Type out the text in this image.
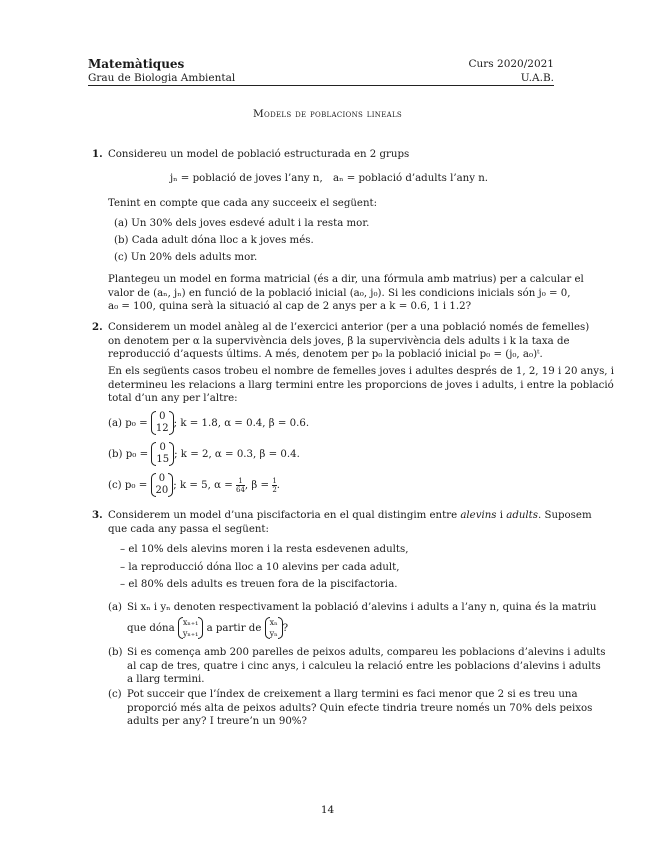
Matemàtiques
Grau de Biologia Ambiental
Curs 2020/2021
U.A.B.
Models de poblacions lineals
1. Considereu un model de població estructurada en 2 grups
jₙ = població de joves l’any n, aₙ = població d’adults l’any n.
Tenint en compte que cada any succeeix el següent:
(a) Un 30% dels joves esdevé adult i la resta mor.
(b) Cada adult dóna lloc a k joves més.
(c) Un 20% dels adults mor.
Plantegeu un model en forma matricial (és a dir, una fórmula amb matrius) per a calcular el
valor de (aₙ, jₙ) en funció de la població inicial (a₀, j₀). Si les condicions inicials són j₀ = 0,
a₀ = 100, quina serà la situació al cap de 2 anys per a k = 0.6, 1 i 1.2?
2. Considerem un model anàleg al de l’exercici anterior (per a una població només de femelles)
on denotem per α la supervivència dels joves, β la supervivència dels adults i k la taxa de
reproducció d’aquests últims. A més, denotem per p₀ la població inicial p₀ = (j₀, a₀)ᵗ.
En els següents casos trobeu el nombre de femelles joves i adultes després de 1, 2, 19 i 20 anys, i
determineu les relacions a llarg termini entre les proporcions de joves i adults, i entre la població
total d’un any per l’altre:
(a) p₀ =
0
12 ; k = 1.8, α = 0.4, β = 0.6.
(b) p₀ =
0
15 ; k = 2, α = 0.3, β = 0.4.
(c) p₀ =
0
20 ; k = 5, $\alpha = \frac{1}{64}$ , $\beta = \frac{1}{2}$ .
3. Considerem un model d’una piscifactoria en el qual distingim entre alevins i adults. Suposem
que cada any passa el següent:
– el 10% dels alevins moren i la resta esdevenen adults,
– la reproducció dóna lloc a 10 alevins per cada adult,
– el 80% dels adults es treuen fora de la piscifactoria.
(a) Si xₙ i yₙ denoten respectivament la població d’alevins i adults a l’any n, quina és la matriu
que dóna
xₙ₊₁
yₙ₊₁ a partir de
xₙ
yₙ ?
(b) Si es comença amb 200 parelles de peixos adults, compareu les poblacions d’alevins i adults
al cap de tres, quatre i cinc anys, i calculeu la relació entre les poblacions d’alevins i adults
a llarg termini.
(c) Pot succeir que l’índex de creixement a llarg termini es faci menor que 2 si es treu una
proporció més alta de peixos adults? Quin efecte tindria treure només un 70% dels peixos
adults per any? I treure’n un 90%?
14
